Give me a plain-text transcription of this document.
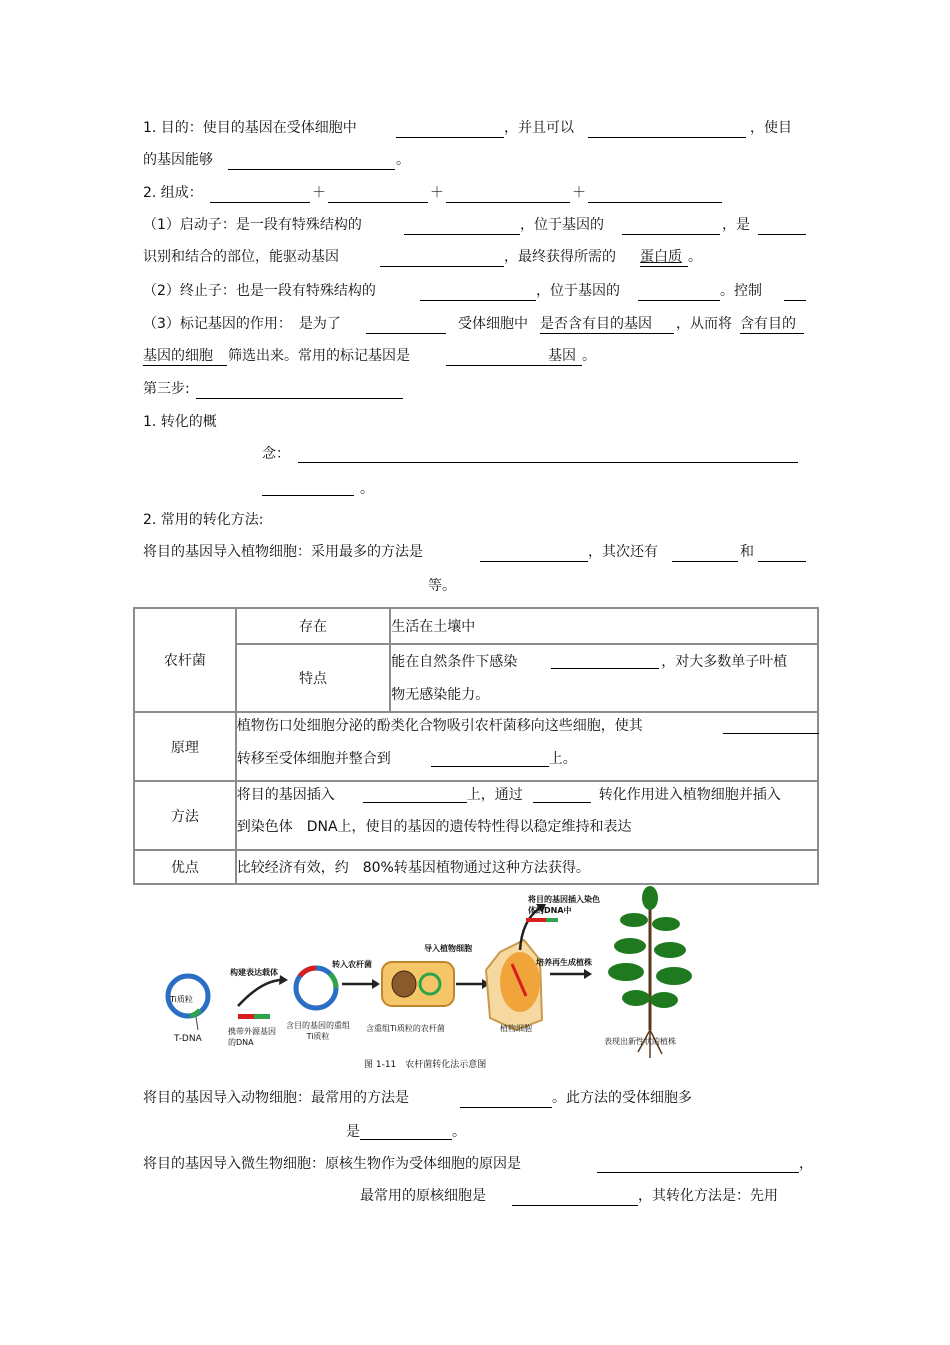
1. 目的：使目的基因在受体细胞中	，并且可以	，使目
的基因能够	。
2. 组成：	＋	＋	＋
（1）启动子：是一段有特殊结构的	，位于基因的	，是
识别和结合的部位，能驱动基因	，最终获得所需的 蛋白质 。
（2）终止子：也是一段有特殊结构的	，位于基因的	。控制
（3）标记基因的作用：　是为了	受体细胞中 是否含有目的基因 ，从而将 含有目的
基因的细胞 筛选出来。常用的标记基因是	基因 。
第三步:
1. 转化的概
念：
。
2. 常用的转化方法:
将目的基因导入植物细胞：采用最多的方法是	，其次还有	和
等。
农杆菌	存在	生活在土壤中
	特点	能在自然条件下感染 ，对大多数单子叶植
物无感染能力。

原理	植物伤口处细胞分泌的酚类化合物吸引农杆菌移向这些细胞，使其
转移至受体细胞并整合到 上。	

方法	将目的基因插入 上，通过 转化作用进入植物细胞并插入
到染色体　DNA上，使目的基因的遗传特性得以稳定维持和表达	

优点	比较经济有效，约　80%转基因植物通过这种方法获得。	
Ti质粒
T-DNA
构建表达载体
携带外源基因的DNA
含目的基因的重组Ti质粒
转入农杆菌
含重组Ti质粒的农杆菌
导入植物细胞
植物细胞
将目的基因插入染色体的DNA中
培养再生成植株
表现出新性状的植株
图 1-11　农杆菌转化法示意图
将目的基因导入动物细胞：最常用的方法是	。此方法的受体细胞多
是	。
将目的基因导入微生物细胞：原核生物作为受体细胞的原因是	，
最常用的原核细胞是	，其转化方法是：先用
